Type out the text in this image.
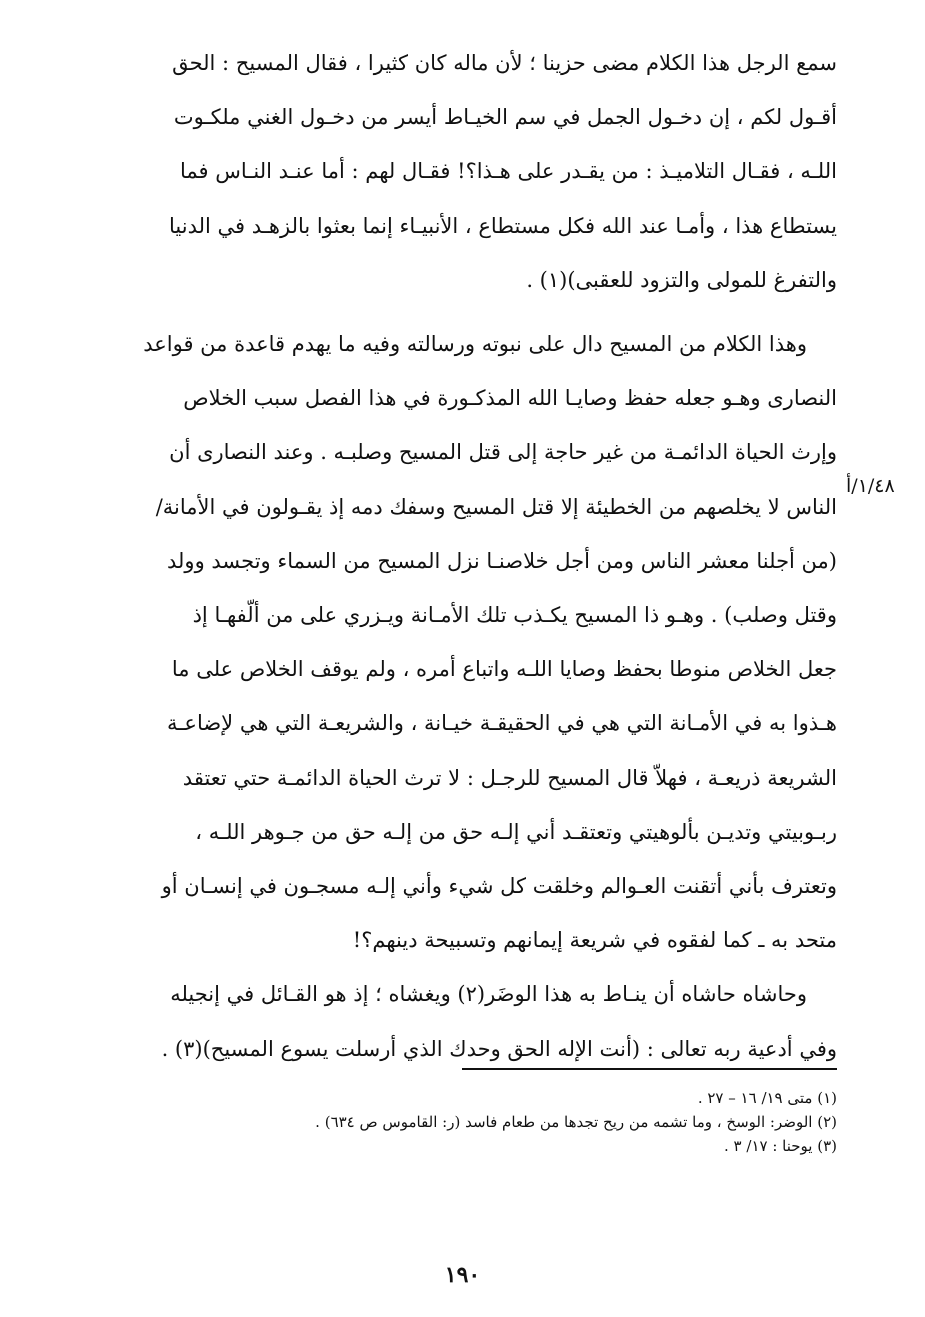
سمع الرجل هذا الكلام مضى حزينا ؛ لأن ماله كان كثيرا ، فقال المسيح : الحق
أقـول لكم ، إن دخـول الجمل في سم الخيـاط أيسر من دخـول الغني ملكـوت
اللـه ، فقـال التلاميـذ : من يقـدر على هـذا؟! فقـال لهم : أما عنـد النـاس فما
يستطاع هذا ، وأمـا عند الله فكل مستطاع ، الأنبيـاء إنما بعثوا بالزهـد في الدنيا
والتفرغ للمولى والتزود للعقبى)(١) .

وهذا الكلام من المسيح دال على نبوته ورسالته وفيه ما يهدم قاعدة من قواعد
النصارى وهـو جعله حفظ وصايـا الله المذكـورة في هذا الفصل سبب الخلاص
وإرث الحياة الدائمـة من غير حاجة إلى قتل المسيح وصلبـه . وعند النصارى أن
الناس لا يخلصهم من الخطيئة إلا قتل المسيح وسفك دمه إذ يقـولون في الأمانة/
(من أجلنا معشر الناس ومن أجل خلاصنـا نزل المسيح من السماء وتجسد وولد
وقتل وصلب) . وهـو ذا المسيح يكـذب تلك الأمـانة ويـزري على من ألّفهـا إذ
جعل الخلاص منوطا بحفظ وصايا اللـه واتباع أمره ، ولم يوقف الخلاص على ما
هـذوا به في الأمـانة التي هي في الحقيقـة خيـانة ، والشريعـة التي هي لإضاعـة
الشريعة ذريعـة ، فهلاّ قال المسيح للرجـل : لا ترث الحياة الدائمـة حتي تعتقد
ربـوبيتي وتديـن بألوهيتي وتعتقـد أني إلـه حق من إلـه حق من جـوهر اللـه ،
وتعترف بأني أتقنت العـوالم وخلقت كل شيء وأني إلـه مسجـون في إنسـان أو
متحد به ـ كما لفقوه في شريعة إيمانهم وتسبيحة دينهم؟!

وحاشاه حاشاه أن ينـاط به هذا الوضَر(٢) ويغشاه ؛ إذ هو القـائل في إنجيله
وفي أدعية ربه تعالى : (أنت الإله الحق وحدك الذي أرسلت يسوع المسيح)(٣) .

١/٤٨/أ
(١) متى ١٩/ ١٦ – ٢٧ .
(٢) الوضر: الوسخ ، وما تشمه من ريح تجدها من طعام فاسد (ر: القاموس ص ٦٣٤) .
(٣) يوحنا : ١٧/ ٣ .
١٩٠
